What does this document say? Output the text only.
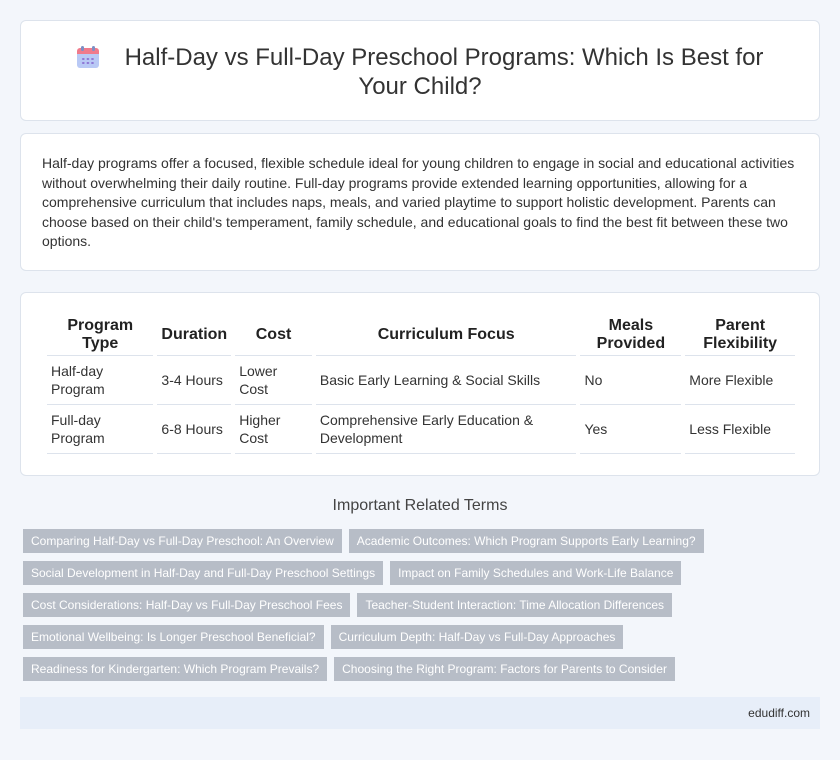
Half-Day vs Full-Day Preschool Programs: Which Is Best for Your Child?

Half-day programs offer a focused, flexible schedule ideal for young children to engage in social and educational activities without overwhelming their daily routine. Full-day programs provide extended learning opportunities, allowing for a comprehensive curriculum that includes naps, meals, and varied playtime to support holistic development. Parents can choose based on their child's temperament, family schedule, and educational goals to find the best fit between these two options.

Program Type	Duration	Cost	Curriculum Focus	Meals Provided	Parent Flexibility
Half-day Program	3-4 Hours	Lower Cost	Basic Early Learning & Social Skills	No	More Flexible
Full-day Program	6-8 Hours	Higher Cost	Comprehensive Early Education & Development	Yes	Less Flexible
Important Related Terms
Comparing Half-Day vs Full-Day Preschool: An Overview	Academic Outcomes: Which Program Supports Early Learning?
Social Development in Half-Day and Full-Day Preschool Settings	Impact on Family Schedules and Work-Life Balance
Cost Considerations: Half-Day vs Full-Day Preschool Fees	Teacher-Student Interaction: Time Allocation Differences
Emotional Wellbeing: Is Longer Preschool Beneficial?	Curriculum Depth: Half-Day vs Full-Day Approaches
Readiness for Kindergarten: Which Program Prevails?	Choosing the Right Program: Factors for Parents to Consider
edudiff.com
